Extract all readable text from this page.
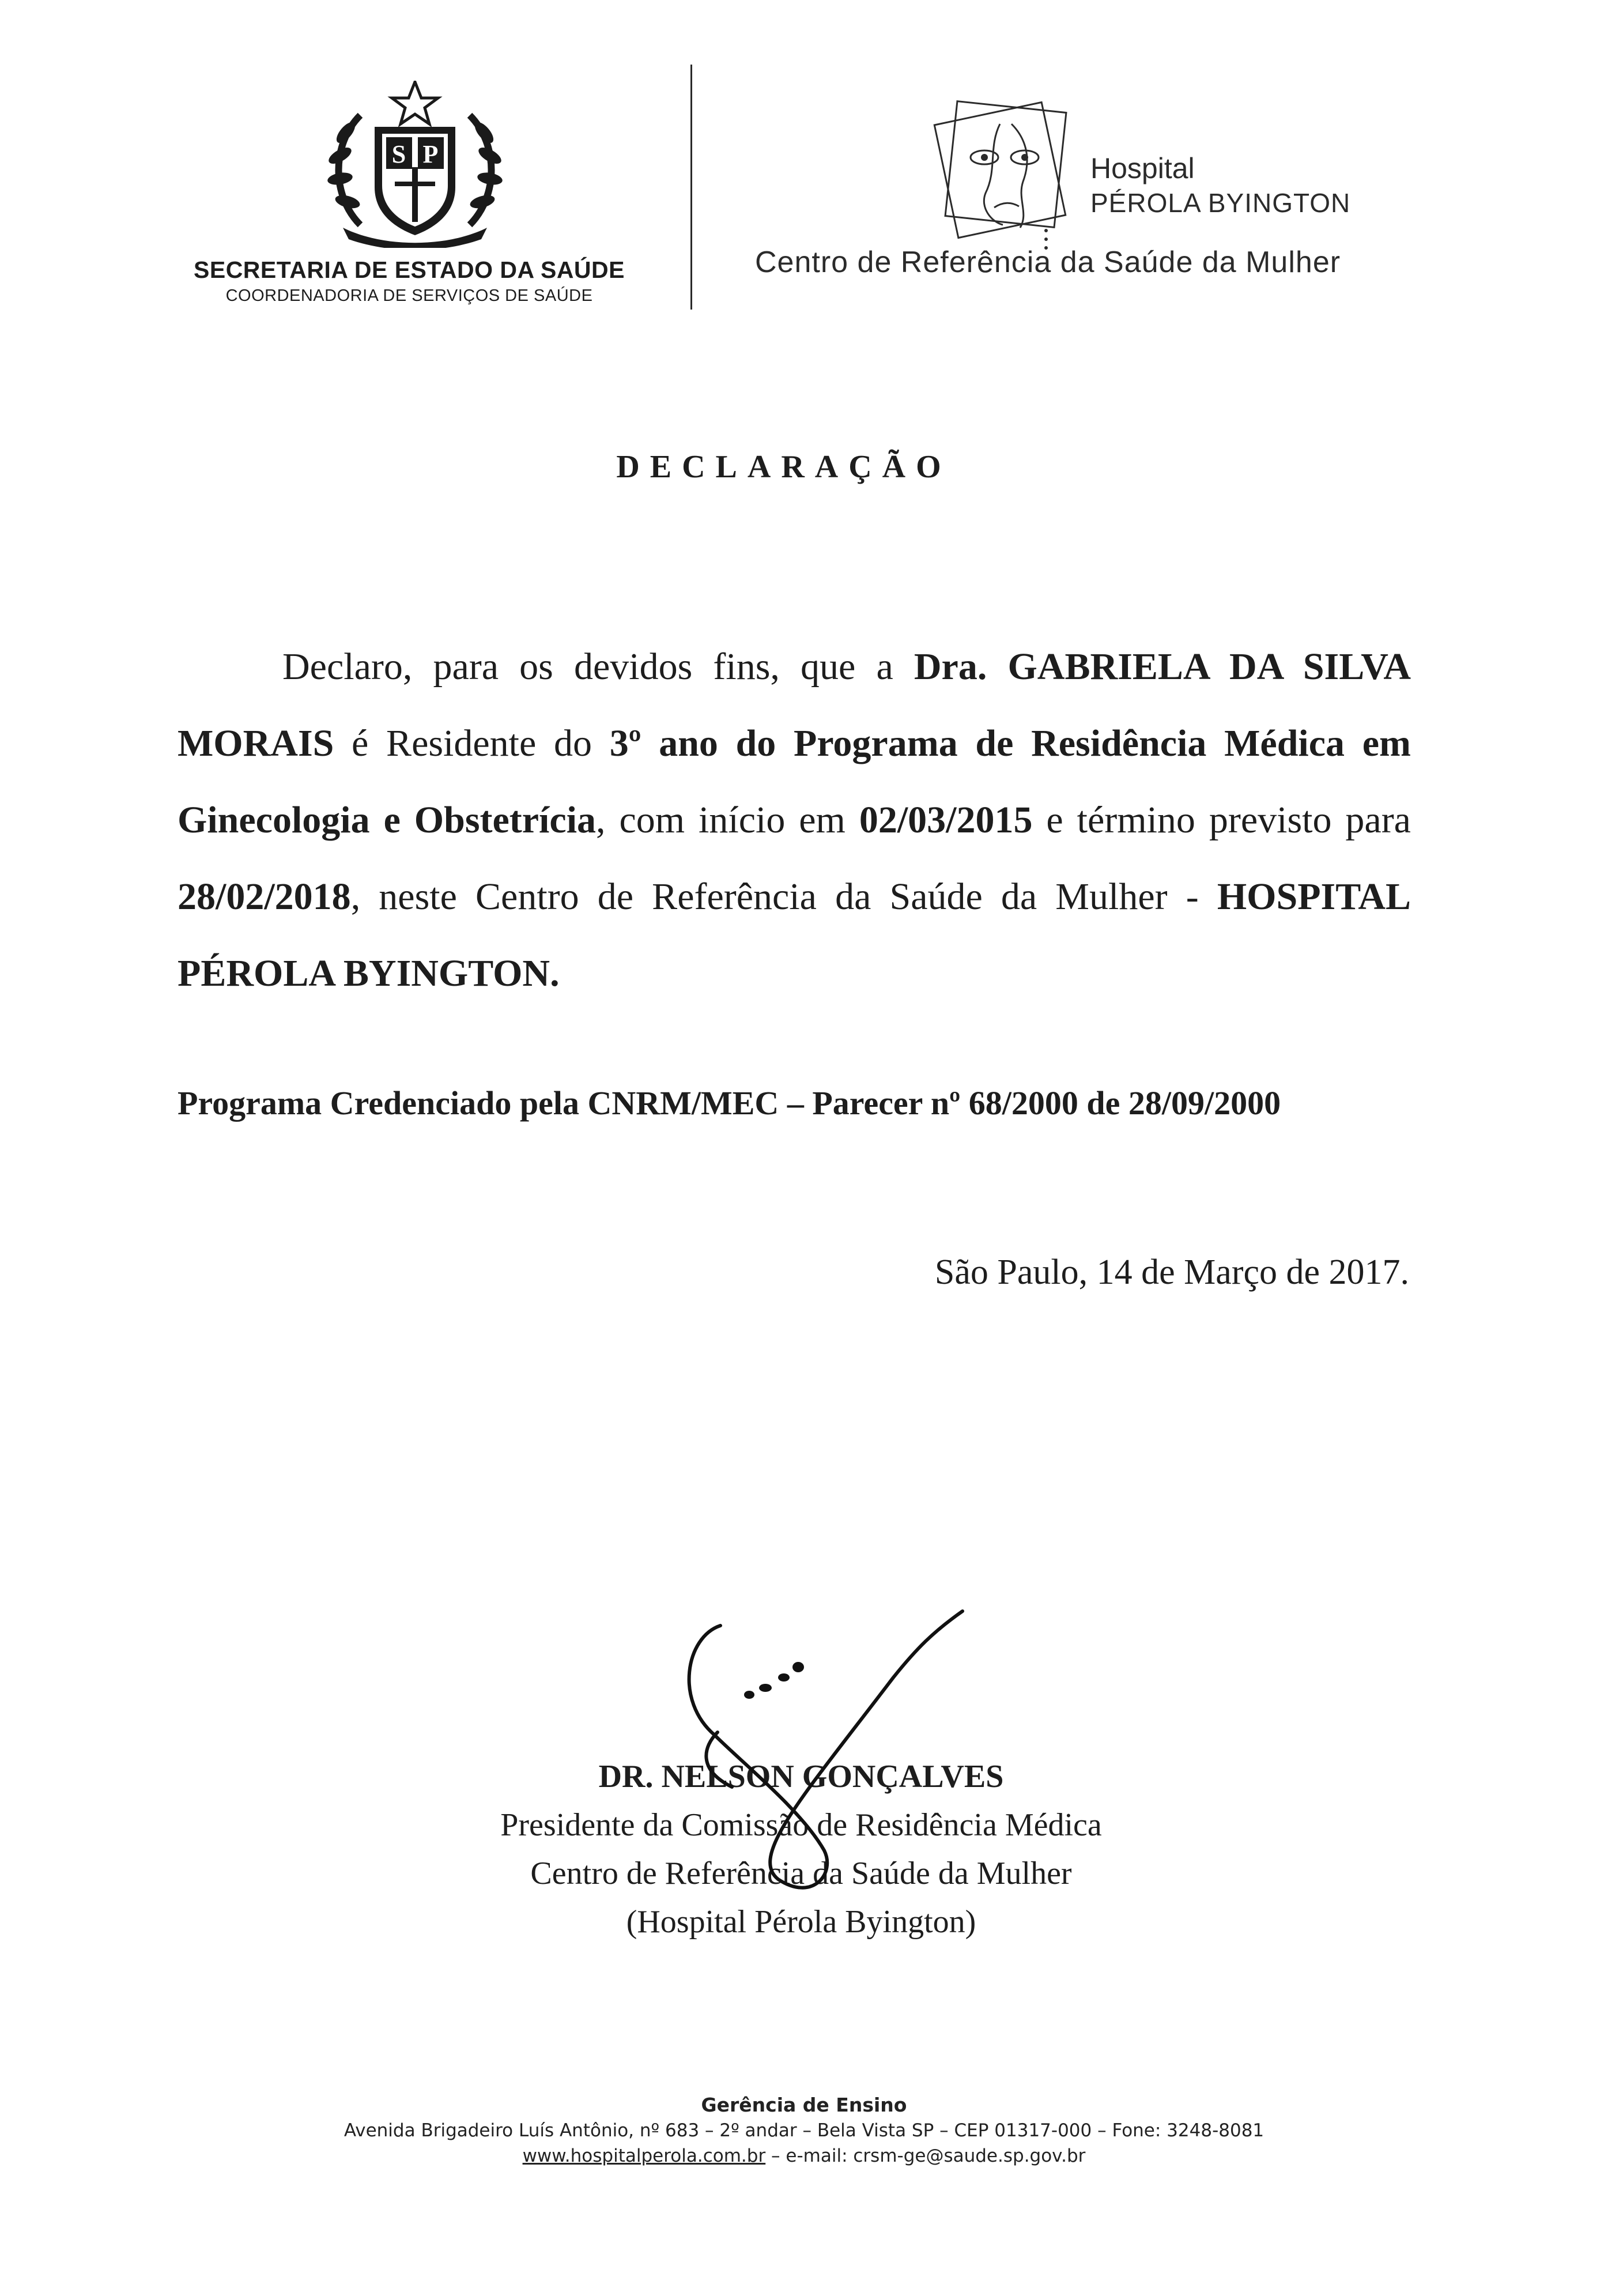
S P
SECRETARIA DE ESTADO DA SAÚDE
COORDENADORIA DE SERVIÇOS DE SAÚDE
Hospital
PÉROLA BYINGTON
Centro de Referência da Saúde da Mulher
DECLARAÇÃO
Declaro, para os devidos fins, que a Dra. GABRIELA DA SILVA MORAIS é Residente do 3º ano do Programa de Residência Médica em Ginecologia e Obstetrícia, com início em 02/03/2015 e término previsto para 28/02/2018, neste Centro de Referência da Saúde da Mulher - HOSPITAL PÉROLA BYINGTON.
Programa Credenciado pela CNRM/MEC – Parecer nº 68/2000 de 28/09/2000
São Paulo, 14 de Março de 2017.
DR. NELSON GONÇALVES
Presidente da Comissão de Residência Médica
Centro de Referência da Saúde da Mulher
(Hospital Pérola Byington)
Gerência de Ensino
Avenida Brigadeiro Luís Antônio, nº 683 – 2º andar – Bela Vista SP – CEP 01317-000 – Fone: 3248-8081
www.hospitalperola.com.br – e-mail: crsm-ge@saude.sp.gov.br
